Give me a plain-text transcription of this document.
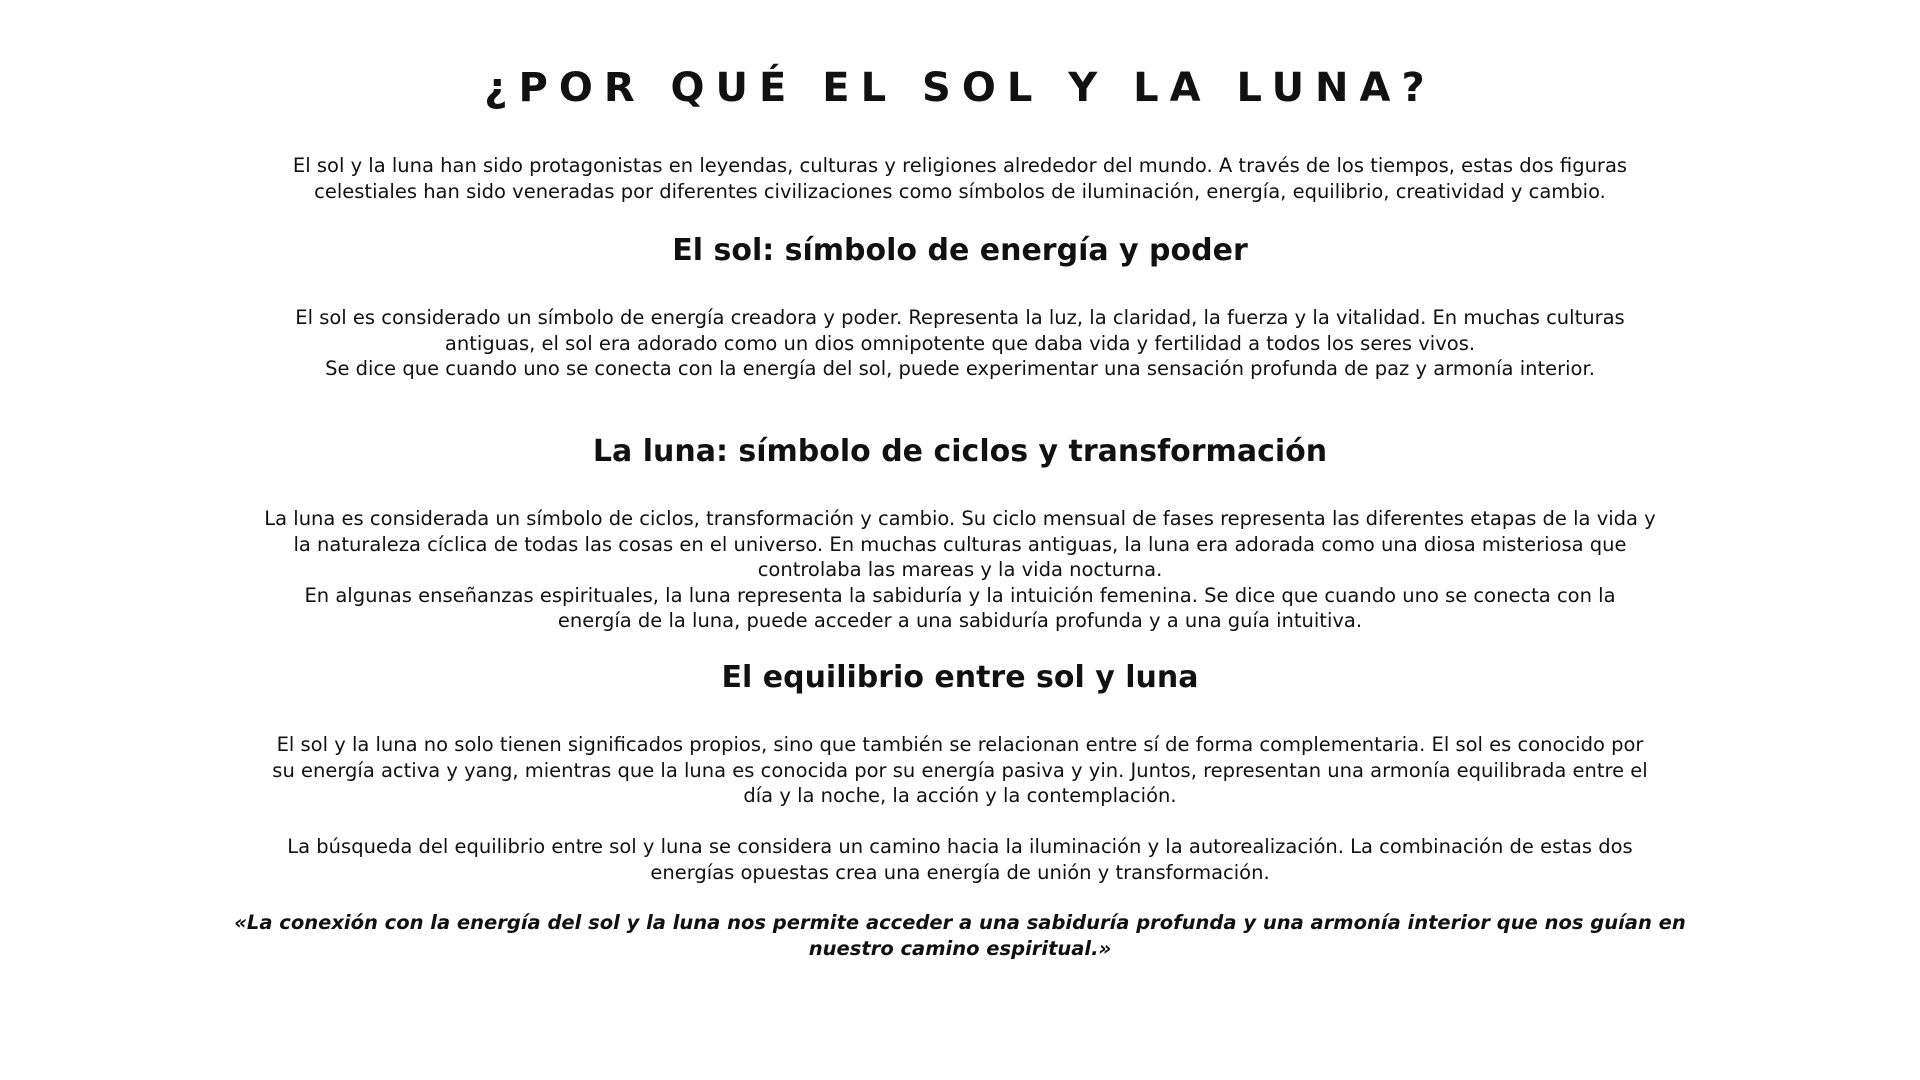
¿POR QUÉ EL SOL Y LA LUNA?

El sol y la luna han sido protagonistas en leyendas, culturas y religiones alrededor del mundo. A través de los tiempos, estas dos figuras
celestiales han sido veneradas por diferentes civilizaciones como símbolos de iluminación, energía, equilibrio, creatividad y cambio.

El sol: símbolo de energía y poder

El sol es considerado un símbolo de energía creadora y poder. Representa la luz, la claridad, la fuerza y la vitalidad. En muchas culturas
antiguas, el sol era adorado como un dios omnipotente que daba vida y fertilidad a todos los seres vivos.
Se dice que cuando uno se conecta con la energía del sol, puede experimentar una sensación profunda de paz y armonía interior.

La luna: símbolo de ciclos y transformación

La luna es considerada un símbolo de ciclos, transformación y cambio. Su ciclo mensual de fases representa las diferentes etapas de la vida y
la naturaleza cíclica de todas las cosas en el universo. En muchas culturas antiguas, la luna era adorada como una diosa misteriosa que
controlaba las mareas y la vida nocturna.
En algunas enseñanzas espirituales, la luna representa la sabiduría y la intuición femenina. Se dice que cuando uno se conecta con la
energía de la luna, puede acceder a una sabiduría profunda y a una guía intuitiva.

El equilibrio entre sol y luna

El sol y la luna no solo tienen significados propios, sino que también se relacionan entre sí de forma complementaria. El sol es conocido por
su energía activa y yang, mientras que la luna es conocida por su energía pasiva y yin. Juntos, representan una armonía equilibrada entre el
día y la noche, la acción y la contemplación.

La búsqueda del equilibrio entre sol y luna se considera un camino hacia la iluminación y la autorealización. La combinación de estas dos
energías opuestas crea una energía de unión y transformación.

«La conexión con la energía del sol y la luna nos permite acceder a una sabiduría profunda y una armonía interior que nos guían en
nuestro camino espiritual.»
